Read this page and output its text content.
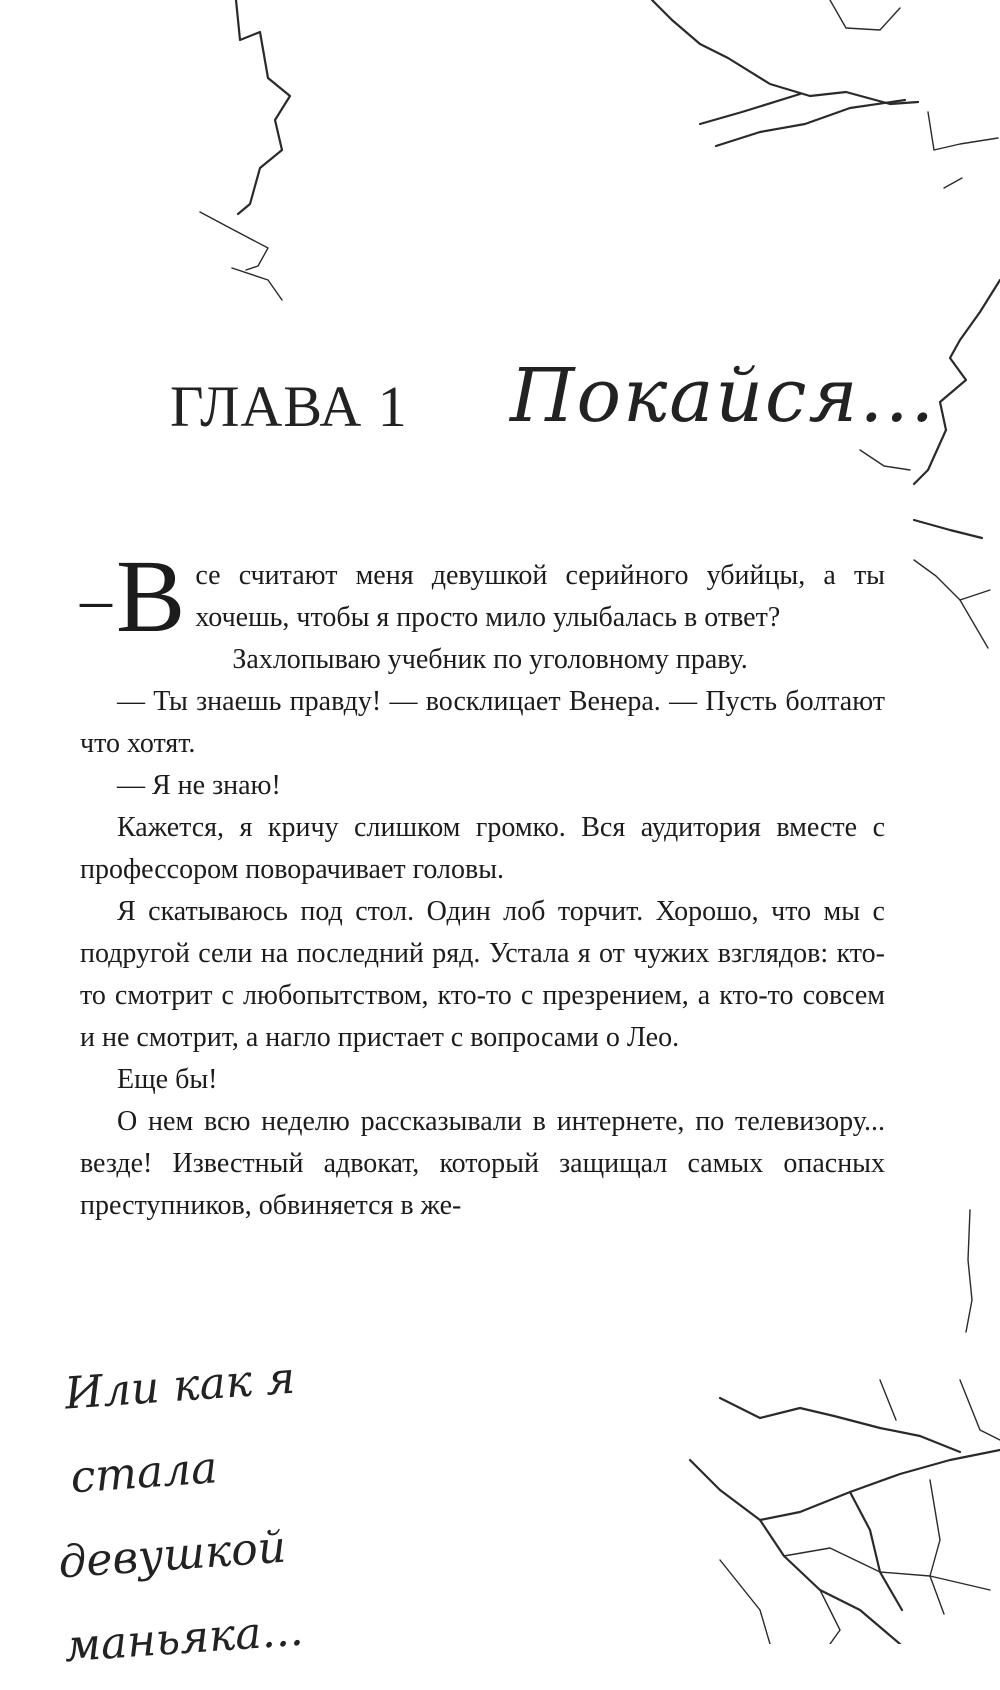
ГЛАВА 1 Покайся...

– В се считают меня девушкой серийного убийцы, а ты хочешь, чтобы я просто мило улыбалась в ответ?

Захлопываю учебник по уголовному праву.

— Ты знаешь правду! — восклицает Венера. — Пусть болтают что хотят.

— Я не знаю!

Кажется, я кричу слишком громко. Вся аудитория вместе с профессором поворачивает головы.

Я скатываюсь под стол. Один лоб торчит. Хорошо, что мы с подругой сели на последний ряд. Устала я от чужих взглядов: кто-то смотрит с любопытством, кто-то с презрением, а кто-то совсем и не смотрит, а нагло пристает с вопросами о Лео.

Еще бы!

О нем всю неделю рассказывали в интернете, по телевизору... везде! Известный адвокат, который защищал самых опасных преступников, обвиняется в же-

Или как я стала
девушкой маньяка...
